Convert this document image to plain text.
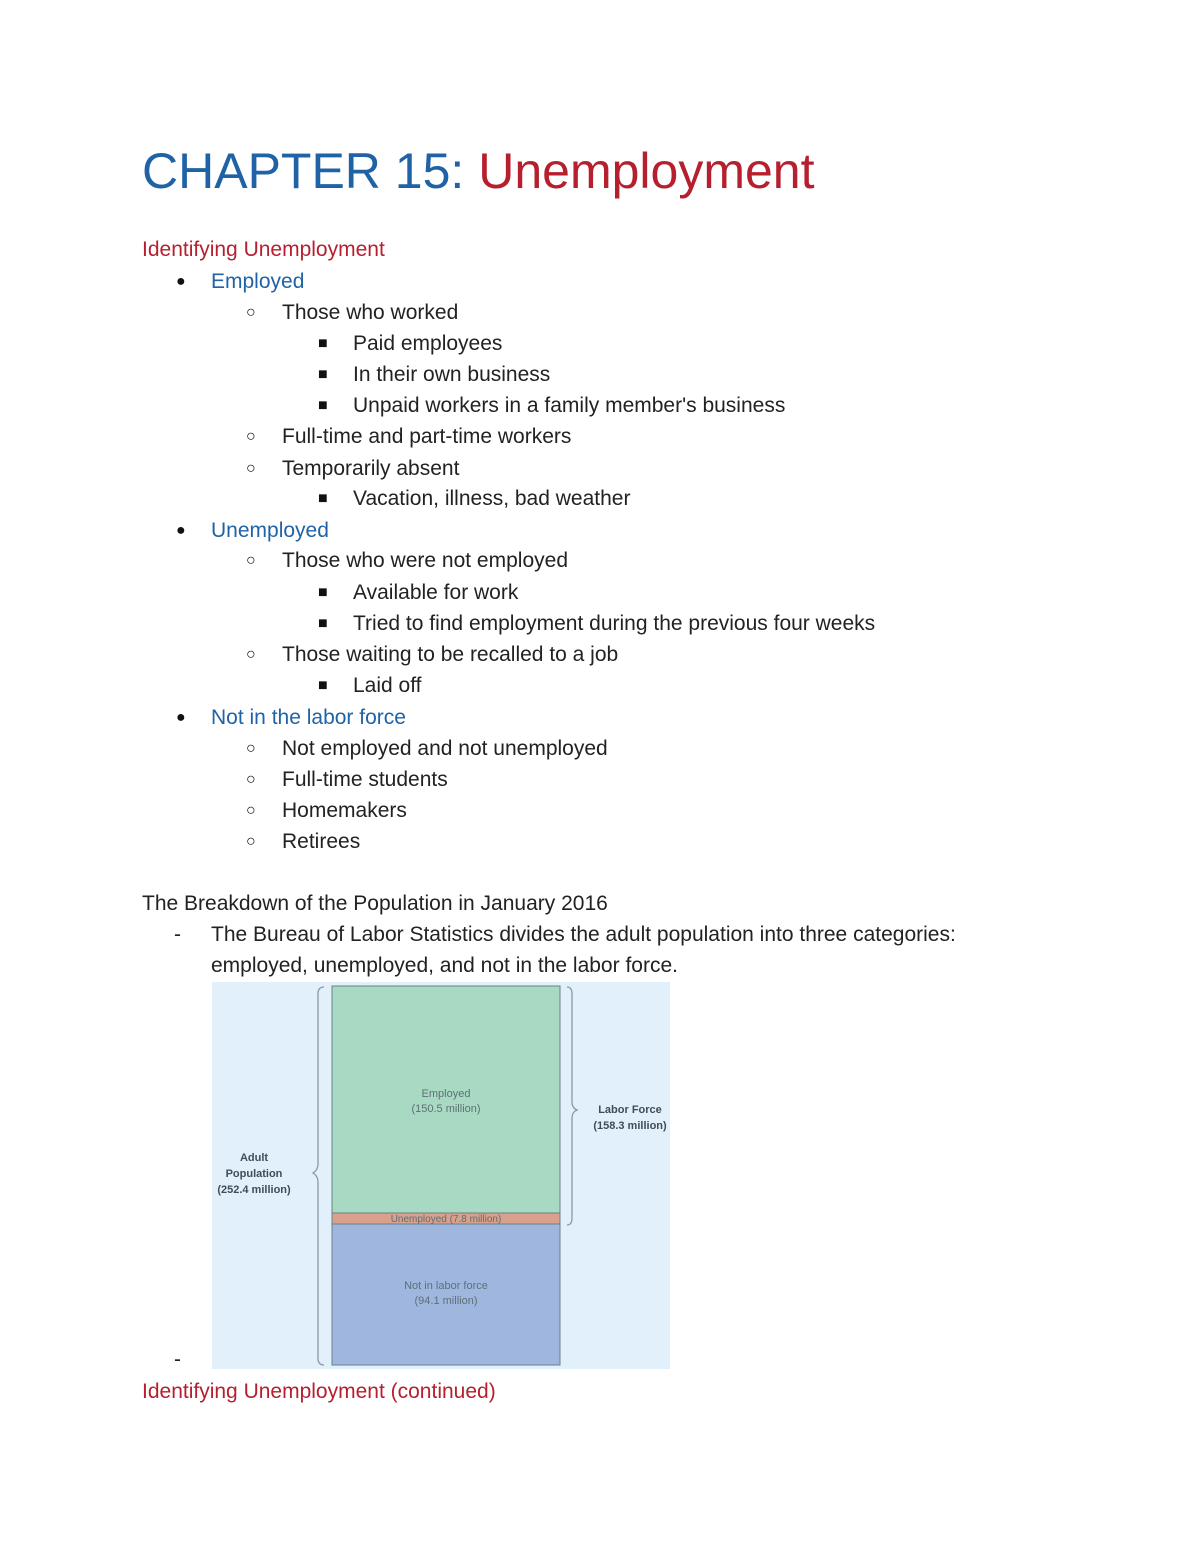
CHAPTER 15: Unemployment
Identifying Unemployment
● Employed
○ Those who worked
■ Paid employees
■ In their own business
■ Unpaid workers in a family member's business
○ Full-time and part-time workers
○ Temporarily absent
■ Vacation, illness, bad weather
● Unemployed
○ Those who were not employed
■ Available for work
■ Tried to find employment during the previous four weeks
○ Those waiting to be recalled to a job
■ Laid off
● Not in the labor force
○ Not employed and not unemployed
○ Full-time students
○ Homemakers
○ Retirees
The Breakdown of the Population in January 2016
- The Bureau of Labor Statistics divides the adult population into three categories:
employed, unemployed, and not in the labor force.
Employed
(150.5 million)
Unemployed (7.8 million)
Not in labor force
(94.1 million)
Adult
Population
(252.4 million)
Labor Force
(158.3 million)
-
Identifying Unemployment (continued)
